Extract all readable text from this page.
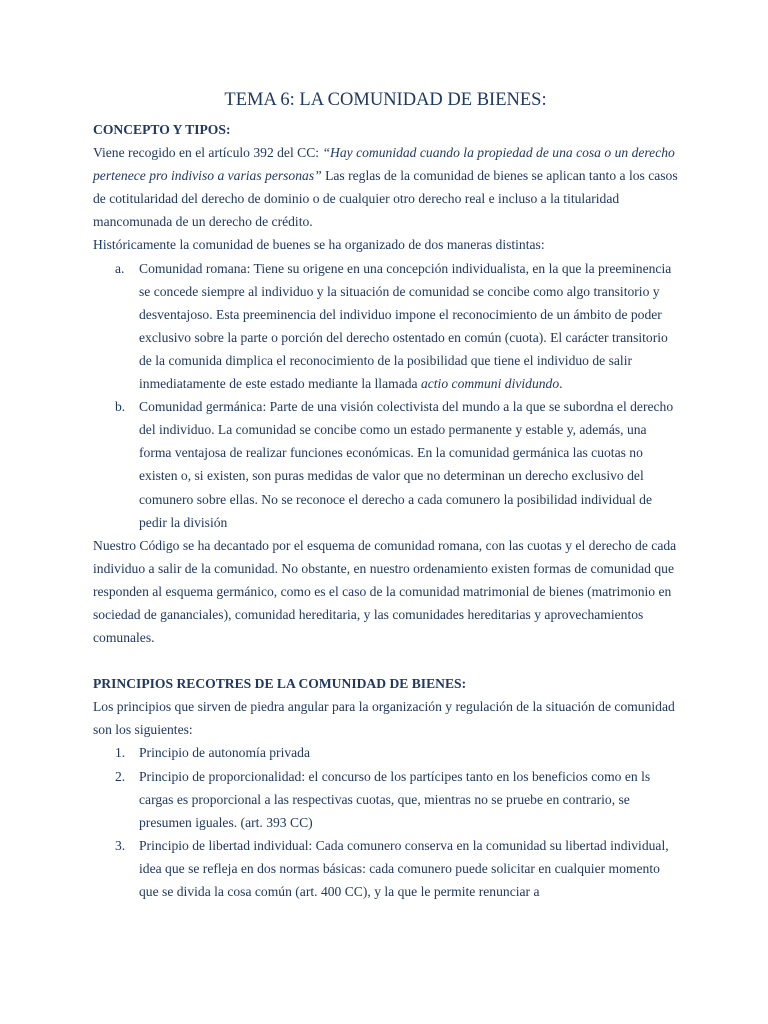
TEMA 6: LA COMUNIDAD DE BIENES:

CONCEPTO Y TIPOS:

Viene recogido en el artículo 392 del CC: “Hay comunidad cuando la propiedad de una cosa o un derecho pertenece pro indiviso a varias personas” Las reglas de la comunidad de bienes se aplican tanto a los casos de cotitularidad del derecho de dominio o de cualquier otro derecho real e incluso a la titularidad mancomunada de un derecho de crédito.

Históricamente la comunidad de buenes se ha organizado de dos maneras distintas:

a. Comunidad romana: Tiene su origene en una concepción individualista, en la que la preeminencia se concede siempre al individuo y la situación de comunidad se concibe como algo transitorio y desventajoso. Esta preeminencia del individuo impone el reconocimiento de un ámbito de poder exclusivo sobre la parte o porción del derecho ostentado en común (cuota). El carácter transitorio de la comunida dimplica el reconocimiento de la posibilidad que tiene el individuo de salir inmediatamente de este estado mediante la llamada actio communi dividundo.
b. Comunidad germánica: Parte de una visión colectivista del mundo a la que se subordna el derecho del individuo. La comunidad se concibe como un estado permanente y estable y, además, una forma ventajosa de realizar funciones económicas. En la comunidad germánica las cuotas no existen o, si existen, son puras medidas de valor que no determinan un derecho exclusivo del comunero sobre ellas. No se reconoce el derecho a cada comunero la posibilidad individual de pedir la división

Nuestro Código se ha decantado por el esquema de comunidad romana, con las cuotas y el derecho de cada individuo a salir de la comunidad. No obstante, en nuestro ordenamiento existen formas de comunidad que responden al esquema germánico, como es el caso de la comunidad matrimonial de bienes (matrimonio en sociedad de gananciales), comunidad hereditaria, y las comunidades hereditarias y aprovechamientos comunales.

PRINCIPIOS RECOTRES DE LA COMUNIDAD DE BIENES:

Los principios que sirven de piedra angular para la organización y regulación de la situación de comunidad son los siguientes:

1. Principio de autonomía privada
2. Principio de proporcionalidad: el concurso de los partícipes tanto en los beneficios como en ls cargas es proporcional a las respectivas cuotas, que, mientras no se pruebe en contrario, se presumen iguales. (art. 393 CC)
3. Principio de libertad individual: Cada comunero conserva en la comunidad su libertad individual, idea que se refleja en dos normas básicas: cada comunero puede solicitar en cualquier momento que se divida la cosa común (art. 400 CC), y la que le permite renunciar a
